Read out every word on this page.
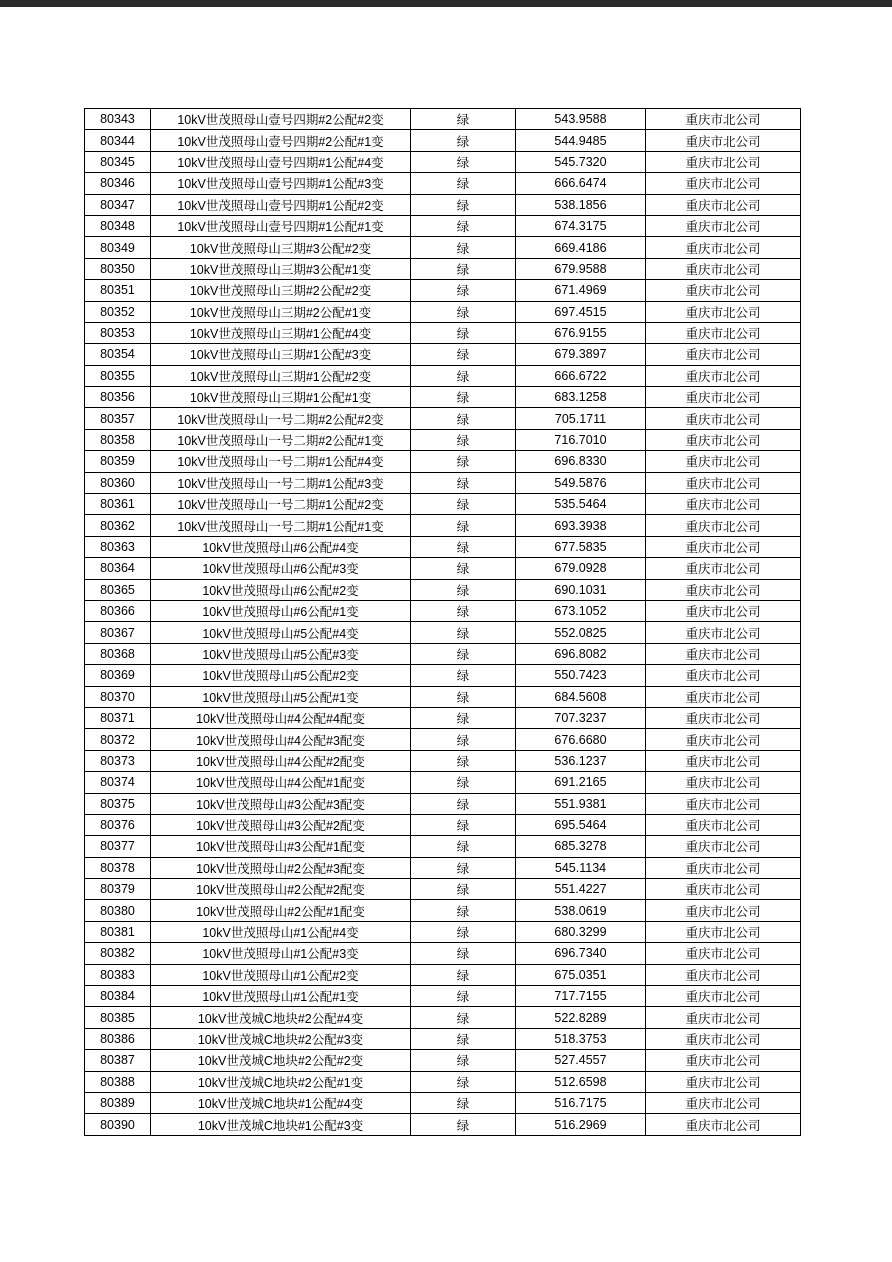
80343	10kV世茂照母山壹号四期#2公配#2变	绿	543.9588	重庆市北公司
80344	10kV世茂照母山壹号四期#2公配#1变	绿	544.9485	重庆市北公司
80345	10kV世茂照母山壹号四期#1公配#4变	绿	545.7320	重庆市北公司
80346	10kV世茂照母山壹号四期#1公配#3变	绿	666.6474	重庆市北公司
80347	10kV世茂照母山壹号四期#1公配#2变	绿	538.1856	重庆市北公司
80348	10kV世茂照母山壹号四期#1公配#1变	绿	674.3175	重庆市北公司
80349	10kV世茂照母山三期#3公配#2变	绿	669.4186	重庆市北公司
80350	10kV世茂照母山三期#3公配#1变	绿	679.9588	重庆市北公司
80351	10kV世茂照母山三期#2公配#2变	绿	671.4969	重庆市北公司
80352	10kV世茂照母山三期#2公配#1变	绿	697.4515	重庆市北公司
80353	10kV世茂照母山三期#1公配#4变	绿	676.9155	重庆市北公司
80354	10kV世茂照母山三期#1公配#3变	绿	679.3897	重庆市北公司
80355	10kV世茂照母山三期#1公配#2变	绿	666.6722	重庆市北公司
80356	10kV世茂照母山三期#1公配#1变	绿	683.1258	重庆市北公司
80357	10kV世茂照母山一号二期#2公配#2变	绿	705.1711	重庆市北公司
80358	10kV世茂照母山一号二期#2公配#1变	绿	716.7010	重庆市北公司
80359	10kV世茂照母山一号二期#1公配#4变	绿	696.8330	重庆市北公司
80360	10kV世茂照母山一号二期#1公配#3变	绿	549.5876	重庆市北公司
80361	10kV世茂照母山一号二期#1公配#2变	绿	535.5464	重庆市北公司
80362	10kV世茂照母山一号二期#1公配#1变	绿	693.3938	重庆市北公司
80363	10kV世茂照母山#6公配#4变	绿	677.5835	重庆市北公司
80364	10kV世茂照母山#6公配#3变	绿	679.0928	重庆市北公司
80365	10kV世茂照母山#6公配#2变	绿	690.1031	重庆市北公司
80366	10kV世茂照母山#6公配#1变	绿	673.1052	重庆市北公司
80367	10kV世茂照母山#5公配#4变	绿	552.0825	重庆市北公司
80368	10kV世茂照母山#5公配#3变	绿	696.8082	重庆市北公司
80369	10kV世茂照母山#5公配#2变	绿	550.7423	重庆市北公司
80370	10kV世茂照母山#5公配#1变	绿	684.5608	重庆市北公司
80371	10kV世茂照母山#4公配#4配变	绿	707.3237	重庆市北公司
80372	10kV世茂照母山#4公配#3配变	绿	676.6680	重庆市北公司
80373	10kV世茂照母山#4公配#2配变	绿	536.1237	重庆市北公司
80374	10kV世茂照母山#4公配#1配变	绿	691.2165	重庆市北公司
80375	10kV世茂照母山#3公配#3配变	绿	551.9381	重庆市北公司
80376	10kV世茂照母山#3公配#2配变	绿	695.5464	重庆市北公司
80377	10kV世茂照母山#3公配#1配变	绿	685.3278	重庆市北公司
80378	10kV世茂照母山#2公配#3配变	绿	545.1134	重庆市北公司
80379	10kV世茂照母山#2公配#2配变	绿	551.4227	重庆市北公司
80380	10kV世茂照母山#2公配#1配变	绿	538.0619	重庆市北公司
80381	10kV世茂照母山#1公配#4变	绿	680.3299	重庆市北公司
80382	10kV世茂照母山#1公配#3变	绿	696.7340	重庆市北公司
80383	10kV世茂照母山#1公配#2变	绿	675.0351	重庆市北公司
80384	10kV世茂照母山#1公配#1变	绿	717.7155	重庆市北公司
80385	10kV世茂城C地块#2公配#4变	绿	522.8289	重庆市北公司
80386	10kV世茂城C地块#2公配#3变	绿	518.3753	重庆市北公司
80387	10kV世茂城C地块#2公配#2变	绿	527.4557	重庆市北公司
80388	10kV世茂城C地块#2公配#1变	绿	512.6598	重庆市北公司
80389	10kV世茂城C地块#1公配#4变	绿	516.7175	重庆市北公司
80390	10kV世茂城C地块#1公配#3变	绿	516.2969	重庆市北公司
